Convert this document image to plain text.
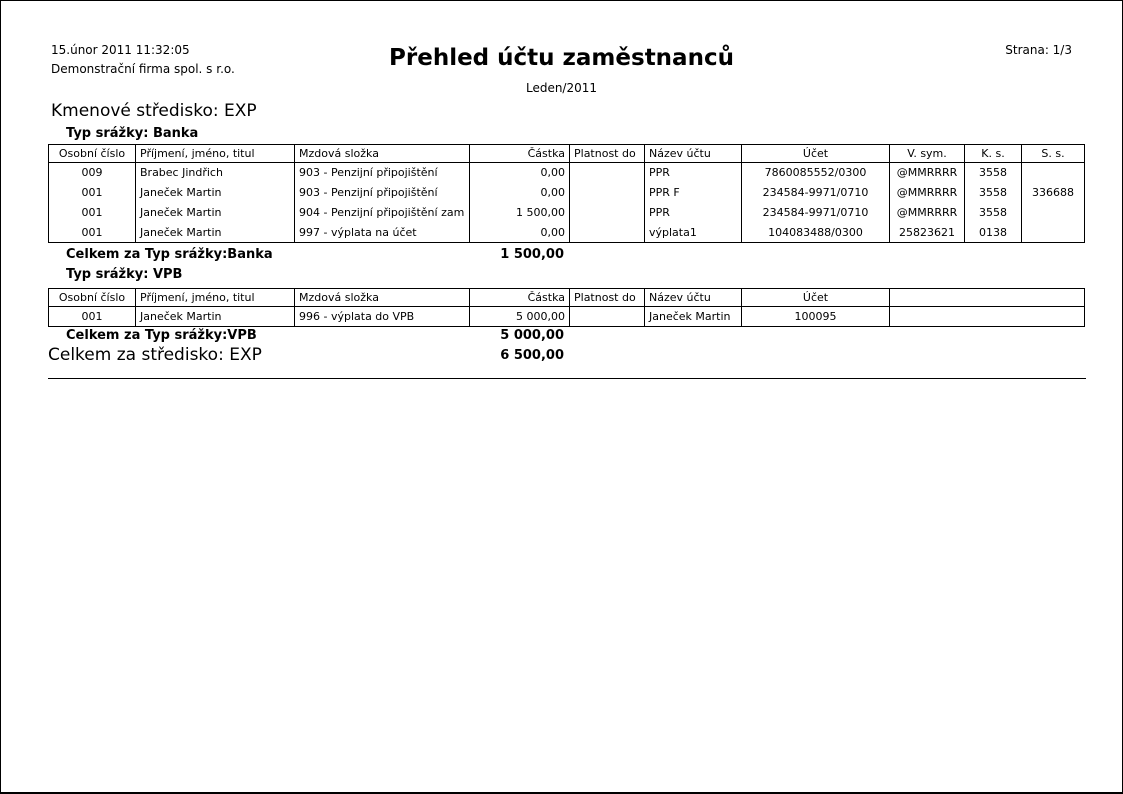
15.únor 2011 11:32:05
Demonstrační firma spol. s r.o.	Přehled účtu zaměstnanců
Leden/2011
Strana: 1/3
Kmenové středisko: EXP
Typ srážky: Banka
Osobní číslo	Příjmení, jméno, titul	Mzdová složka	Částka	Platnost do	Název účtu	Účet	V. sym.	K. s.	S. s.
009	Brabec Jindřich	903 - Penzijní připojištění	0,00		PPR	7860085552/0300	@MMRRRR	3558	
001	Janeček Martin	903 - Penzijní připojištění	0,00		PPR F	234584-9971/0710	@MMRRRR	3558	336688
001	Janeček Martin	904 - Penzijní připojištění zam	1 500,00		PPR	234584-9971/0710	@MMRRRR	3558	
001	Janeček Martin	997 - výplata na účet	0,00		výplata1	104083488/0300	25823621	0138	
1 500,00
Celkem za Typ srážky:Banka
Typ srážky: VPB
Osobní číslo	Příjmení, jméno, titul	Mzdová složka	Částka	Platnost do	Název účtu	Účet	
001	Janeček Martin	996 - výplata do VPB	5 000,00		Janeček Martin	100095	
5 000,00
Celkem za Typ srážky:VPB
6 500,00
Celkem za středisko: EXP
